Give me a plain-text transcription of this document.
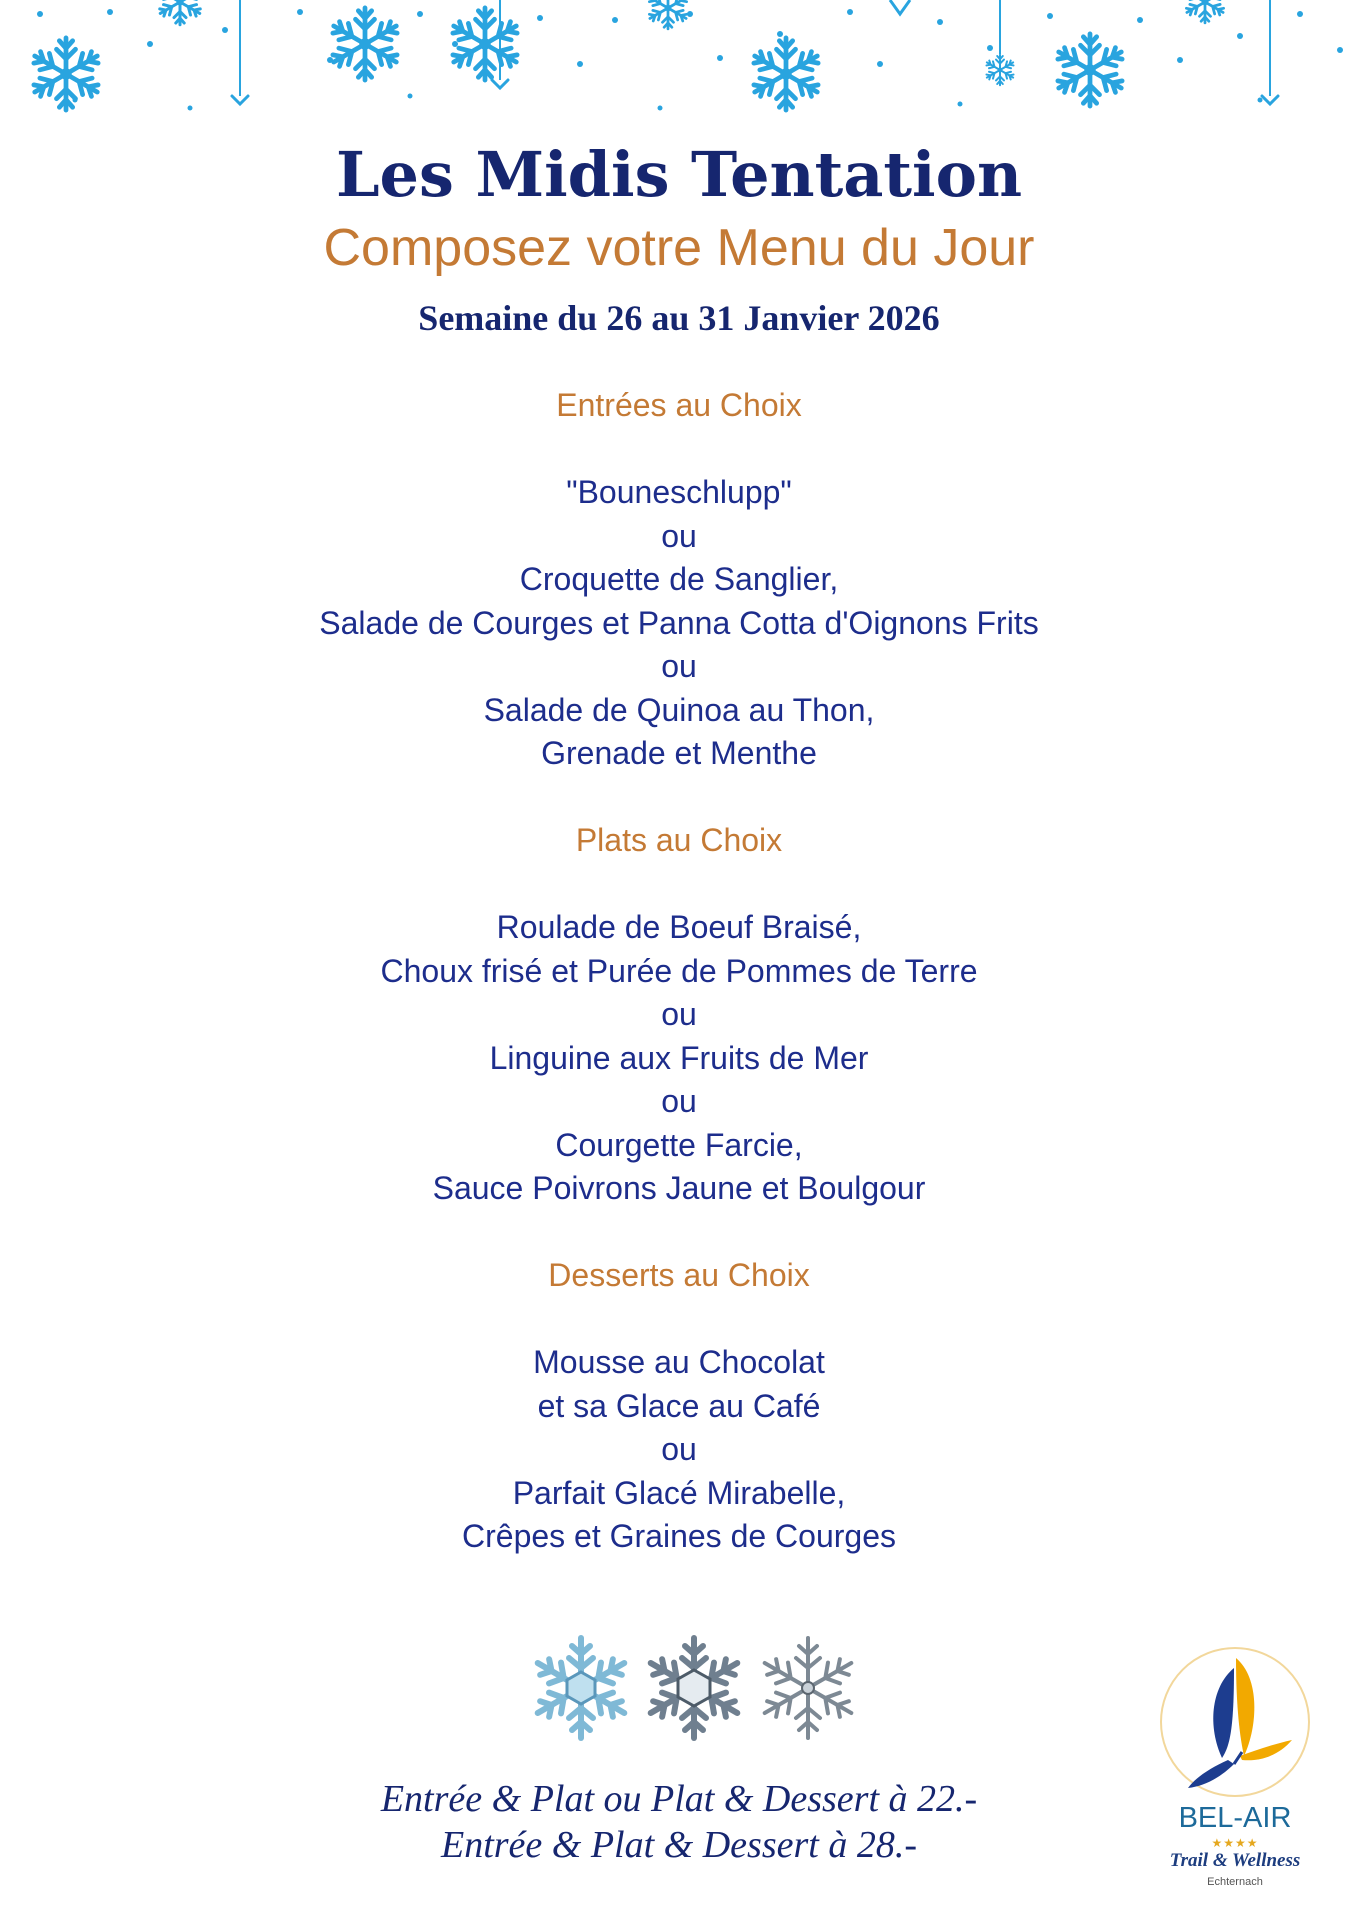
Les Midis Tentation
Composez votre Menu du Jour
Semaine du 26 au 31 Janvier 2026
Entrées au Choix
"Bouneschlupp"
ou
Croquette de Sanglier,
Salade de Courges et Panna Cotta d'Oignons Frits
ou
Salade de Quinoa au Thon,
Grenade et Menthe
Plats au Choix
Roulade de Boeuf Braisé,
Choux frisé et Purée de Pommes de Terre
ou
Linguine aux Fruits de Mer
ou
Courgette Farcie,
Sauce Poivrons Jaune et Boulgour
Desserts au Choix
Mousse au Chocolat
et sa Glace au Café
ou
Parfait Glacé Mirabelle,
Crêpes et Graines de Courges
Entrée & Plat ou Plat & Dessert à 22.-
Entrée & Plat & Dessert à 28.-
BEL-AIR
★★★★
Trail & Wellness
Echternach
